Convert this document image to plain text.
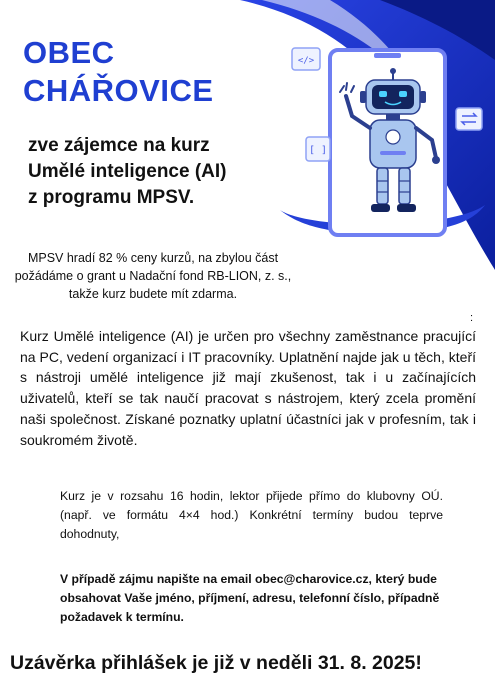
</>
[ ]
OBEC
CHÁŘOVICE
zve zájemce na kurz
Umělé inteligence (AI)
z programu MPSV.

MPSV hradí 82 % ceny kurzů, na zbylou část požádáme o grant u Nadační fond RB-LION, z. s., takže kurz budete mít zdarma.

:

Kurz Umělé inteligence (AI) je určen pro všechny zaměstnance pracující na PC, vedení organizací i IT pracovníky. Uplatnění najde jak u těch, kteří s nástroji umělé inteligence již mají zkušenost, tak i u začínajících uživatelů, kteří se tak naučí pracovat s nástrojem, který zcela promění naši společnost. Získané poznatky uplatní účastníci jak v profesním, tak i soukromém životě.

Kurz je v rozsahu 16 hodin, lektor přijede přímo do klubovny OÚ. (např. ve formátu 4×4 hod.) Konkrétní termíny budou teprve dohodnuty,

V případě zájmu napište na email obec@charovice.cz, který bude obsahovat Vaše jméno, příjmení, adresu, telefonní číslo, případně požadavek k termínu.

Uzávěrka přihlášek je již v neděli 31. 8. 2025!
